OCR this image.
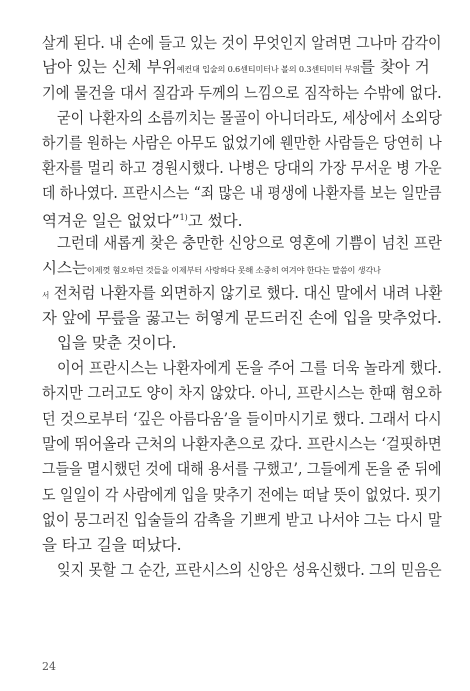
살게 된다. 내 손에 들고 있는 것이 무엇인지 알려면 그나마 감각이
남아 있는 신체 부위예컨대 입술의 0.6센티미터나 볼의 0.3센티미터 부위를 찾아 거
기에 물건을 대서 질감과 두께의 느낌으로 짐작하는 수밖에 없다.
굳이 나환자의 소름끼치는 몰골이 아니더라도, 세상에서 소외당
하기를 원하는 사람은 아무도 없었기에 웬만한 사람들은 당연히 나
환자를 멀리 하고 경원시했다. 나병은 당대의 가장 무서운 병 가운
데 하나였다. 프란시스는 “죄 많은 내 평생에 나환자를 보는 일만큼
역겨운 일은 없었다”$^{1)}$고 썼다.
그런데 새롭게 찾은 충만한 신앙으로 영혼에 기쁨이 넘친 프란
시스는이제껏 혐오하던 것들을 이제부터 사랑하다 못해 소중히 여겨야 한다는 말씀이 생각나
서 전처럼 나환자를 외면하지 않기로 했다. 대신 말에서 내려 나환
자 앞에 무릎을 꿇고는 허옇게 문드러진 손에 입을 맞추었다.
입을 맞춘 것이다.
이어 프란시스는 나환자에게 돈을 주어 그를 더욱 놀라게 했다.
하지만 그러고도 양이 차지 않았다. 아니, 프란시스는 한때 혐오하
던 것으로부터 ‘깊은 아름다움’을 들이마시기로 했다. 그래서 다시
말에 뛰어올라 근처의 나환자촌으로 갔다. 프란시스는 ‘걸핏하면
그들을 멸시했던 것에 대해 용서를 구했고’, 그들에게 돈을 준 뒤에
도 일일이 각 사람에게 입을 맞추기 전에는 떠날 뜻이 없었다. 핏기
없이 뭉그러진 입술들의 감촉을 기쁘게 받고 나서야 그는 다시 말
을 타고 길을 떠났다.
잊지 못할 그 순간, 프란시스의 신앙은 성육신했다. 그의 믿음은
24
